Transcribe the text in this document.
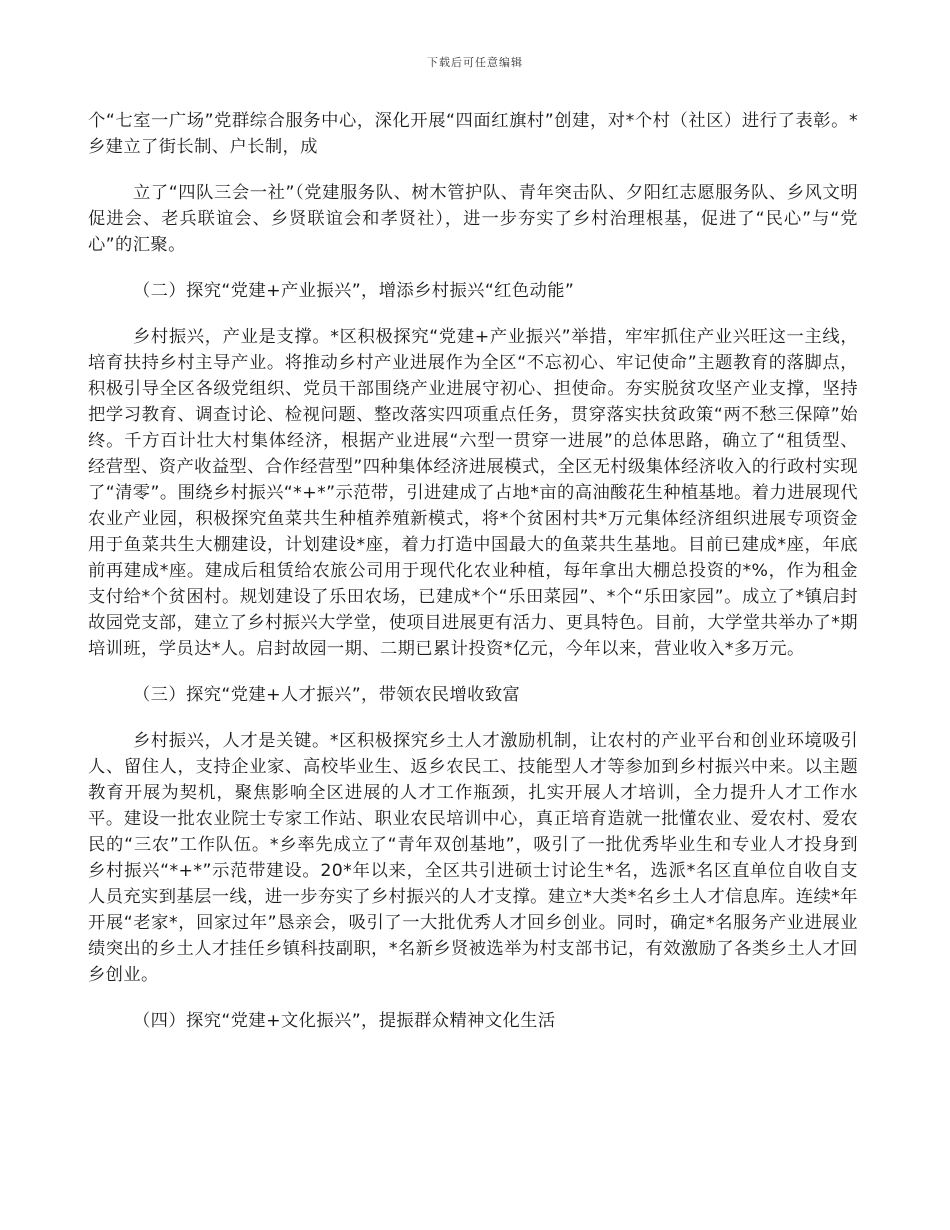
下载后可任意编辑

个“七室一广场”党群综合服务中心，深化开展“四面红旗村”创建，对*个村（社区）进行了表彰。*乡建立了街长制、户长制，成

立了“四队三会一社”（党建服务队、树木管护队、青年突击队、夕阳红志愿服务队、乡风文明促进会、老兵联谊会、乡贤联谊会和孝贤社），进一步夯实了乡村治理根基，促进了“民心”与“党心”的汇聚。

（二）探究“党建+产业振兴”，增添乡村振兴“红色动能”

乡村振兴，产业是支撑。*区积极探究“党建+产业振兴”举措，牢牢抓住产业兴旺这一主线，培育扶持乡村主导产业。将推动乡村产业进展作为全区“不忘初心、牢记使命”主题教育的落脚点，积极引导全区各级党组织、党员干部围绕产业进展守初心、担使命。夯实脱贫攻坚产业支撑，坚持把学习教育、调查讨论、检视问题、整改落实四项重点任务，贯穿落实扶贫政策“两不愁三保障”始终。千方百计壮大村集体经济，根据产业进展“六型一贯穿一进展”的总体思路，确立了“租赁型、经营型、资产收益型、合作经营型”四种集体经济进展模式，全区无村级集体经济收入的行政村实现了“清零”。围绕乡村振兴“*+*”示范带，引进建成了占地*亩的高油酸花生种植基地。着力进展现代农业产业园，积极探究鱼菜共生种植养殖新模式，将*个贫困村共*万元集体经济组织进展专项资金用于鱼菜共生大棚建设，计划建设*座，着力打造中国最大的鱼菜共生基地。目前已建成*座，年底前再建成*座。建成后租赁给农旅公司用于现代化农业种植，每年拿出大棚总投资的*%，作为租金支付给*个贫困村。规划建设了乐田农场，已建成*个“乐田菜园”、*个“乐田家园”。成立了*镇启封故园党支部，建立了乡村振兴大学堂，使项目进展更有活力、更具特色。目前，大学堂共举办了*期培训班，学员达*人。启封故园一期、二期已累计投资*亿元，今年以来，营业收入*多万元。

（三）探究“党建+人才振兴”，带领农民增收致富

乡村振兴，人才是关键。*区积极探究乡土人才激励机制，让农村的产业平台和创业环境吸引人、留住人，支持企业家、高校毕业生、返乡农民工、技能型人才等参加到乡村振兴中来。以主题教育开展为契机，聚焦影响全区进展的人才工作瓶颈，扎实开展人才培训，全力提升人才工作水平。建设一批农业院士专家工作站、职业农民培训中心，真正培育造就一批懂农业、爱农村、爱农民的“三农”工作队伍。*乡率先成立了“青年双创基地”，吸引了一批优秀毕业生和专业人才投身到乡村振兴“*+*”示范带建设。20*年以来，全区共引进硕士讨论生*名，选派*名区直单位自收自支人员充实到基层一线，进一步夯实了乡村振兴的人才支撑。建立*大类*名乡土人才信息库。连续*年开展“老家*，回家过年”恳亲会，吸引了一大批优秀人才回乡创业。同时，确定*名服务产业进展业绩突出的乡土人才挂任乡镇科技副职，*名新乡贤被选举为村支部书记，有效激励了各类乡土人才回乡创业。

（四）探究“党建+文化振兴”，提振群众精神文化生活
